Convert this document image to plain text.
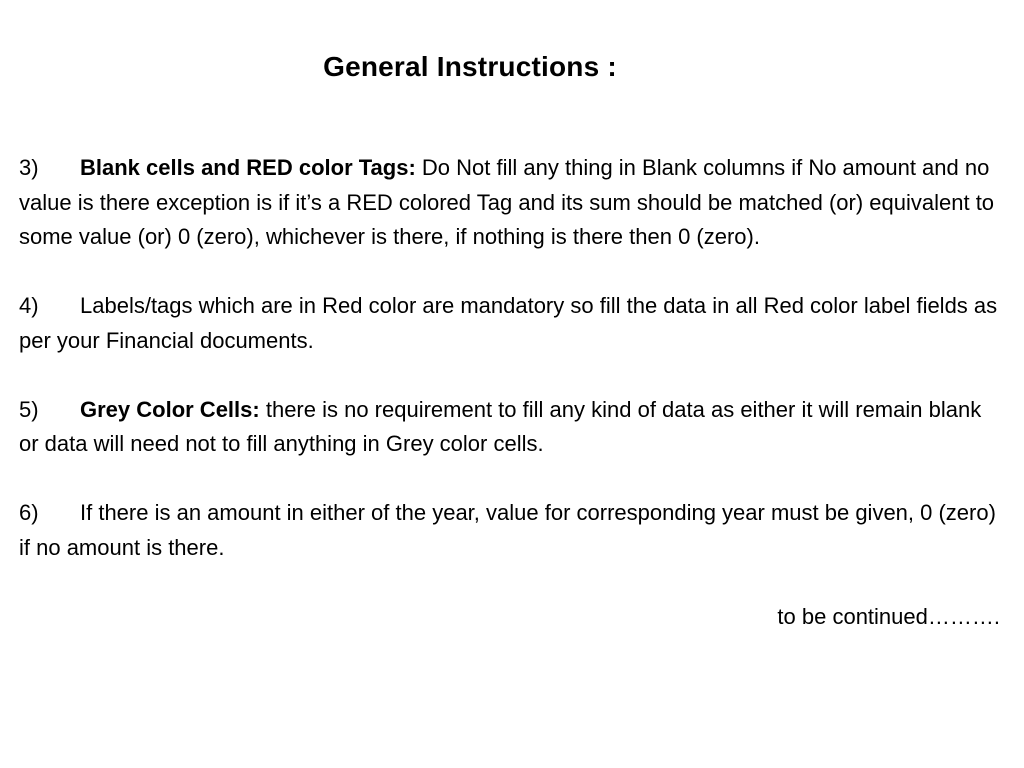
General Instructions :

3) Blank cells and RED color Tags: Do Not fill any thing in Blank columns if No amount and no value is there exception is if it’s a RED colored Tag and its sum should be matched (or) equivalent to some value (or) 0 (zero), whichever is there, if nothing is there then 0 (zero).

4) Labels/tags which are in Red color are mandatory so fill the data in all Red color label fields as per your Financial documents.

5) Grey Color Cells: there is no requirement to fill any kind of data as either it will remain blank or data will need not to fill anything in Grey color cells.

6) If there is an amount in either of the year, value for corresponding year must be given, 0 (zero) if no amount is there.

to be continued……….
